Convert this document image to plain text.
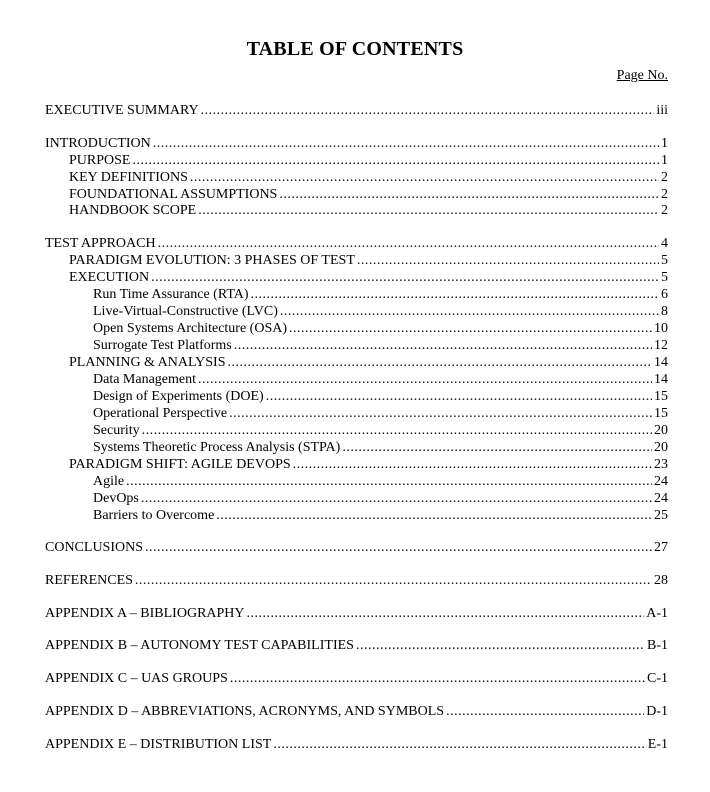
TABLE OF CONTENTS
Page No.
EXECUTIVE SUMMARY .....	iii
INTRODUCTION .....	1
PURPOSE .....	1
KEY DEFINITIONS .....	2
FOUNDATIONAL ASSUMPTIONS .....	2
HANDBOOK SCOPE .....	2
TEST APPROACH .....	4
PARADIGM EVOLUTION: 3 PHASES OF TEST .....	5
EXECUTION .....	5
Run Time Assurance (RTA) .....	6
Live-Virtual-Constructive (LVC) .....	8
Open Systems Architecture (OSA) .....	10
Surrogate Test Platforms .....	12
PLANNING & ANALYSIS .....	14
Data Management .....	14
Design of Experiments (DOE) .....	15
Operational Perspective .....	15
Security .....	20
Systems Theoretic Process Analysis (STPA) .....	20
PARADIGM SHIFT: AGILE DEVOPS .....	23
Agile .....	24
DevOps .....	24
Barriers to Overcome .....	25
CONCLUSIONS .....	27
REFERENCES .....	28
APPENDIX A – BIBLIOGRAPHY .....	A-1
APPENDIX B – AUTONOMY TEST CAPABILITIES .....	B-1
APPENDIX C – UAS GROUPS .....	C-1
APPENDIX D – ABBREVIATIONS, ACRONYMS, AND SYMBOLS .....	D-1
APPENDIX E – DISTRIBUTION LIST .....	E-1
